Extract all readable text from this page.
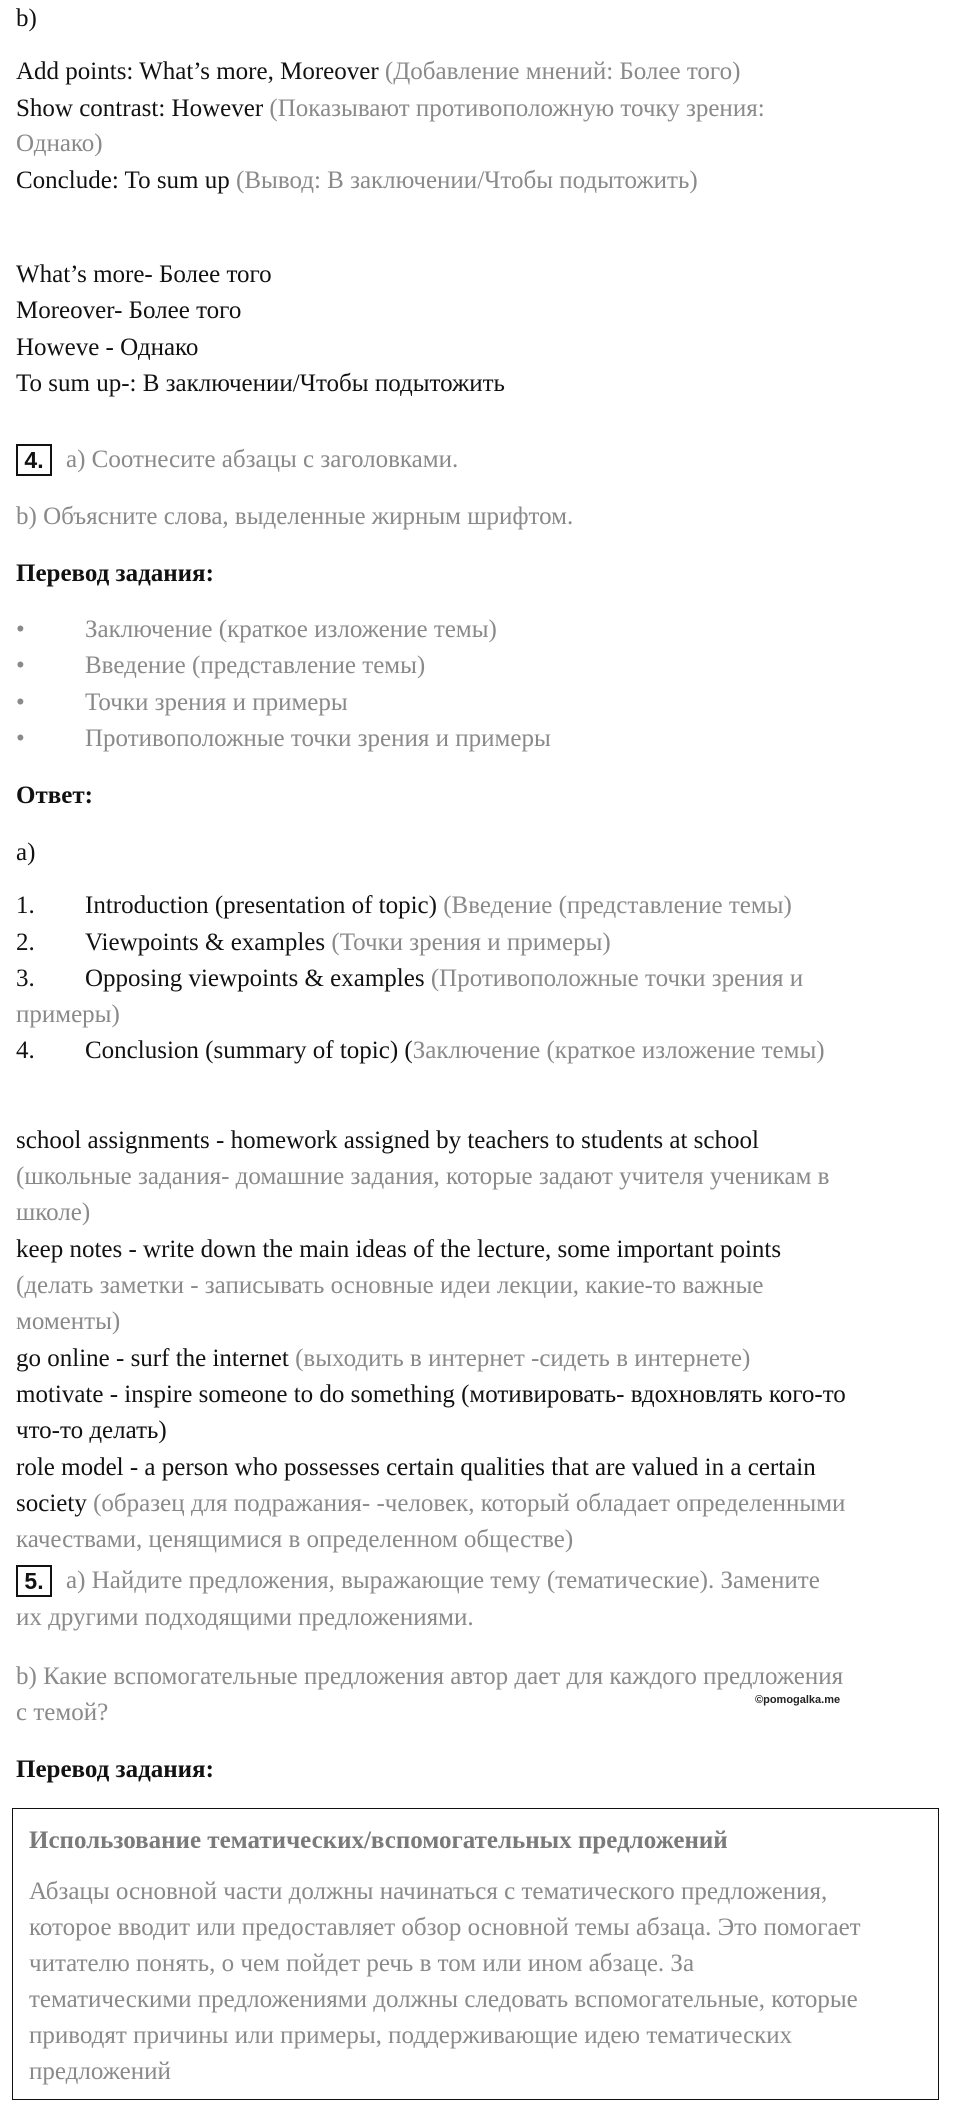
b)
Add points: What’s more, Moreover (Добавление мнений: Более того)
Show contrast: However (Показывают противоположную точку зрения:
Однако)
Conclude: To sum up (Вывод: В заключении/Чтобы подытожить)
What’s more- Более того
Moreover- Более того
Howeve - Однако
To sum up-: В заключении/Чтобы подытожить
4. a) Соотнесите абзацы с заголовками.
b) Объясните слова, выделенные жирным шрифтом.
Перевод задания:
• Заключение (краткое изложение темы)
• Введение (представление темы)
• Точки зрения и примеры
• Противоположные точки зрения и примеры
Ответ:
a)
1. Introduction (presentation of topic) (Введение (представление темы)
2. Viewpoints & examples (Точки зрения и примеры)
3. Opposing viewpoints & examples (Противоположные точки зрения и
примеры)
4. Conclusion (summary of topic) (Заключение (краткое изложение темы)
school assignments - homework assigned by teachers to students at school
(школьные задания- домашние задания, которые задают учителя ученикам в
школе)
keep notes - write down the main ideas of the lecture, some important points
(делать заметки - записывать основные идеи лекции, какие-то важные
моменты)
go online - surf the internet (выходить в интернет -сидеть в интернете)
motivate - inspire someone to do something (мотивировать- вдохновлять кого-то
что-то делать)
role model - a person who possesses certain qualities that are valued in a certain
society (образец для подражания- -человек, который обладает определенными
качествами, ценящимися в определенном обществе)
5. a) Найдите предложения, выражающие тему (тематические). Замените
их другими подходящими предложениями.
b) Какие вспомогательные предложения автор дает для каждого предложения
с темой?	©pomogalka.me
Перевод задания:
Использование тематических/вспомогательных предложений
Абзацы основной части должны начинаться с тематического предложения,
которое вводит или предоставляет обзор основной темы абзаца. Это помогает
читателю понять, о чем пойдет речь в том или ином абзаце. За
тематическими предложениями должны следовать вспомогательные, которые
приводят причины или примеры, поддерживающие идею тематических
предложений
